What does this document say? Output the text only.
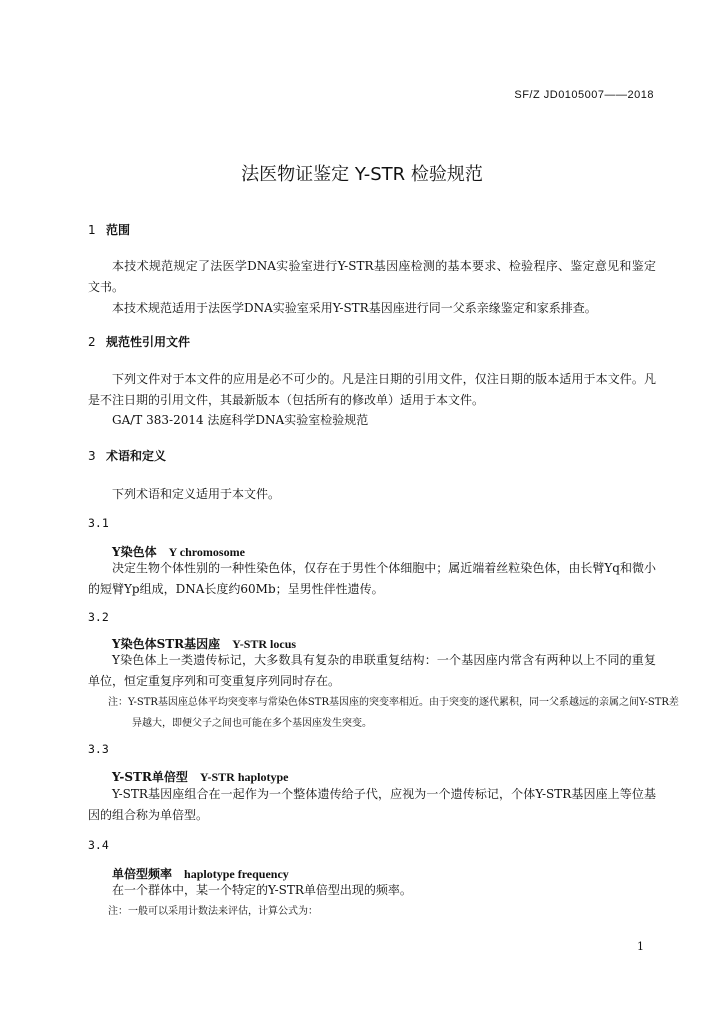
SF/Z JD0105007——2018
法医物证鉴定 Y-STR 检验规范
1 范围

本技术规范规定了法医学DNA实验室进行Y-STR基因座检测的基本要求、检验程序、鉴定意见和鉴定文书。

本技术规范适用于法医学DNA实验室采用Y-STR基因座进行同一父系亲缘鉴定和家系排查。

2 规范性引用文件

下列文件对于本文件的应用是必不可少的。凡是注日期的引用文件，仅注日期的版本适用于本文件。凡是不注日期的引用文件，其最新版本（包括所有的修改单）适用于本文件。

GA/T 383-2014 法庭科学DNA实验室检验规范
3 术语和定义
下列术语和定义适用于本文件。
3.1
Y染色体 Y chromosome

决定生物个体性别的一种性染色体，仅存在于男性个体细胞中；属近端着丝粒染色体，由长臂Yq和微小的短臂Yp组成，DNA长度约60Mb；呈男性伴性遗传。

3.2
Y染色体STR基因座 Y-STR locus

Y染色体上一类遗传标记，大多数具有复杂的串联重复结构：一个基因座内常含有两种以上不同的重复单位，恒定重复序列和可变重复序列同时存在。

注：Y-STR基因座总体平均突变率与常染色体STR基因座的突变率相近。由于突变的逐代累积，同一父系越远的亲属之间Y-STR差异越大，即便父子之间也可能在多个基因座发生突变。

3.3
Y-STR单倍型 Y-STR haplotype

Y-STR基因座组合在一起作为一个整体遗传给子代，应视为一个遗传标记，个体Y-STR基因座上等位基因的组合称为单倍型。

3.4
单倍型频率 haplotype frequency

在一个群体中，某一个特定的Y-STR单倍型出现的频率。

注：一般可以采用计数法来评估，计算公式为：

1
